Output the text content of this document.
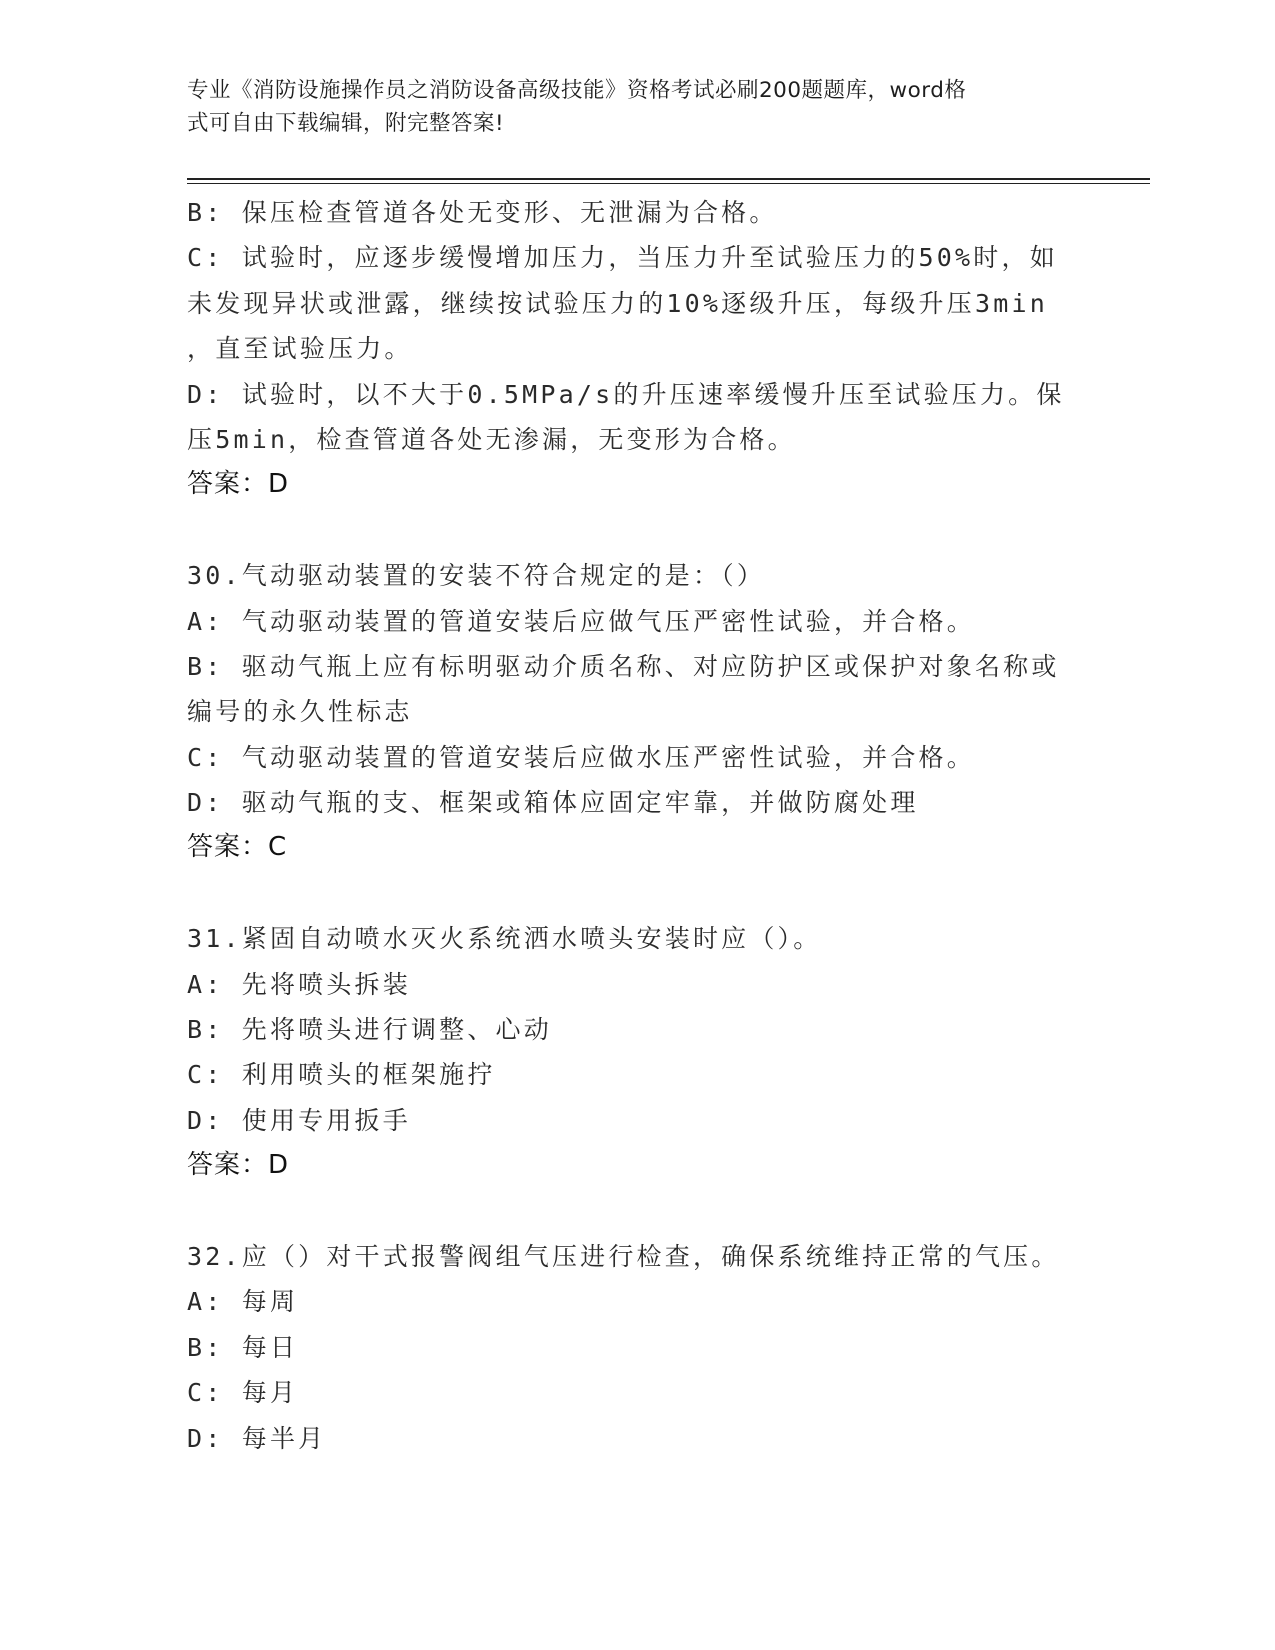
专业《消防设施操作员之消防设备高级技能》资格考试必刷200题题库，word格
式可自由下载编辑，附完整答案!
B: 保压检查管道各处无变形、无泄漏为合格。
C: 试验时，应逐步缓慢增加压力，当压力升至试验压力的50%时，如
未发现异状或泄露，继续按试验压力的10%逐级升压，每级升压3min
，直至试验压力。
D: 试验时，以不大于0.5MPa/s的升压速率缓慢升压至试验压力。保
压5min，检查管道各处无渗漏，无变形为合格。
答案：D
30.气动驱动装置的安装不符合规定的是：（）
A: 气动驱动装置的管道安装后应做气压严密性试验，并合格。
B: 驱动气瓶上应有标明驱动介质名称、对应防护区或保护对象名称或
编号的永久性标志
C: 气动驱动装置的管道安装后应做水压严密性试验，并合格。
D: 驱动气瓶的支、框架或箱体应固定牢靠，并做防腐处理
答案：C
31.紧固自动喷水灭火系统洒水喷头安装时应（）。
A: 先将喷头拆装
B: 先将喷头进行调整、心动
C: 利用喷头的框架施拧
D: 使用专用扳手
答案：D
32.应（）对干式报警阀组气压进行检查，确保系统维持正常的气压。
A: 每周
B: 每日
C: 每月
D: 每半月
